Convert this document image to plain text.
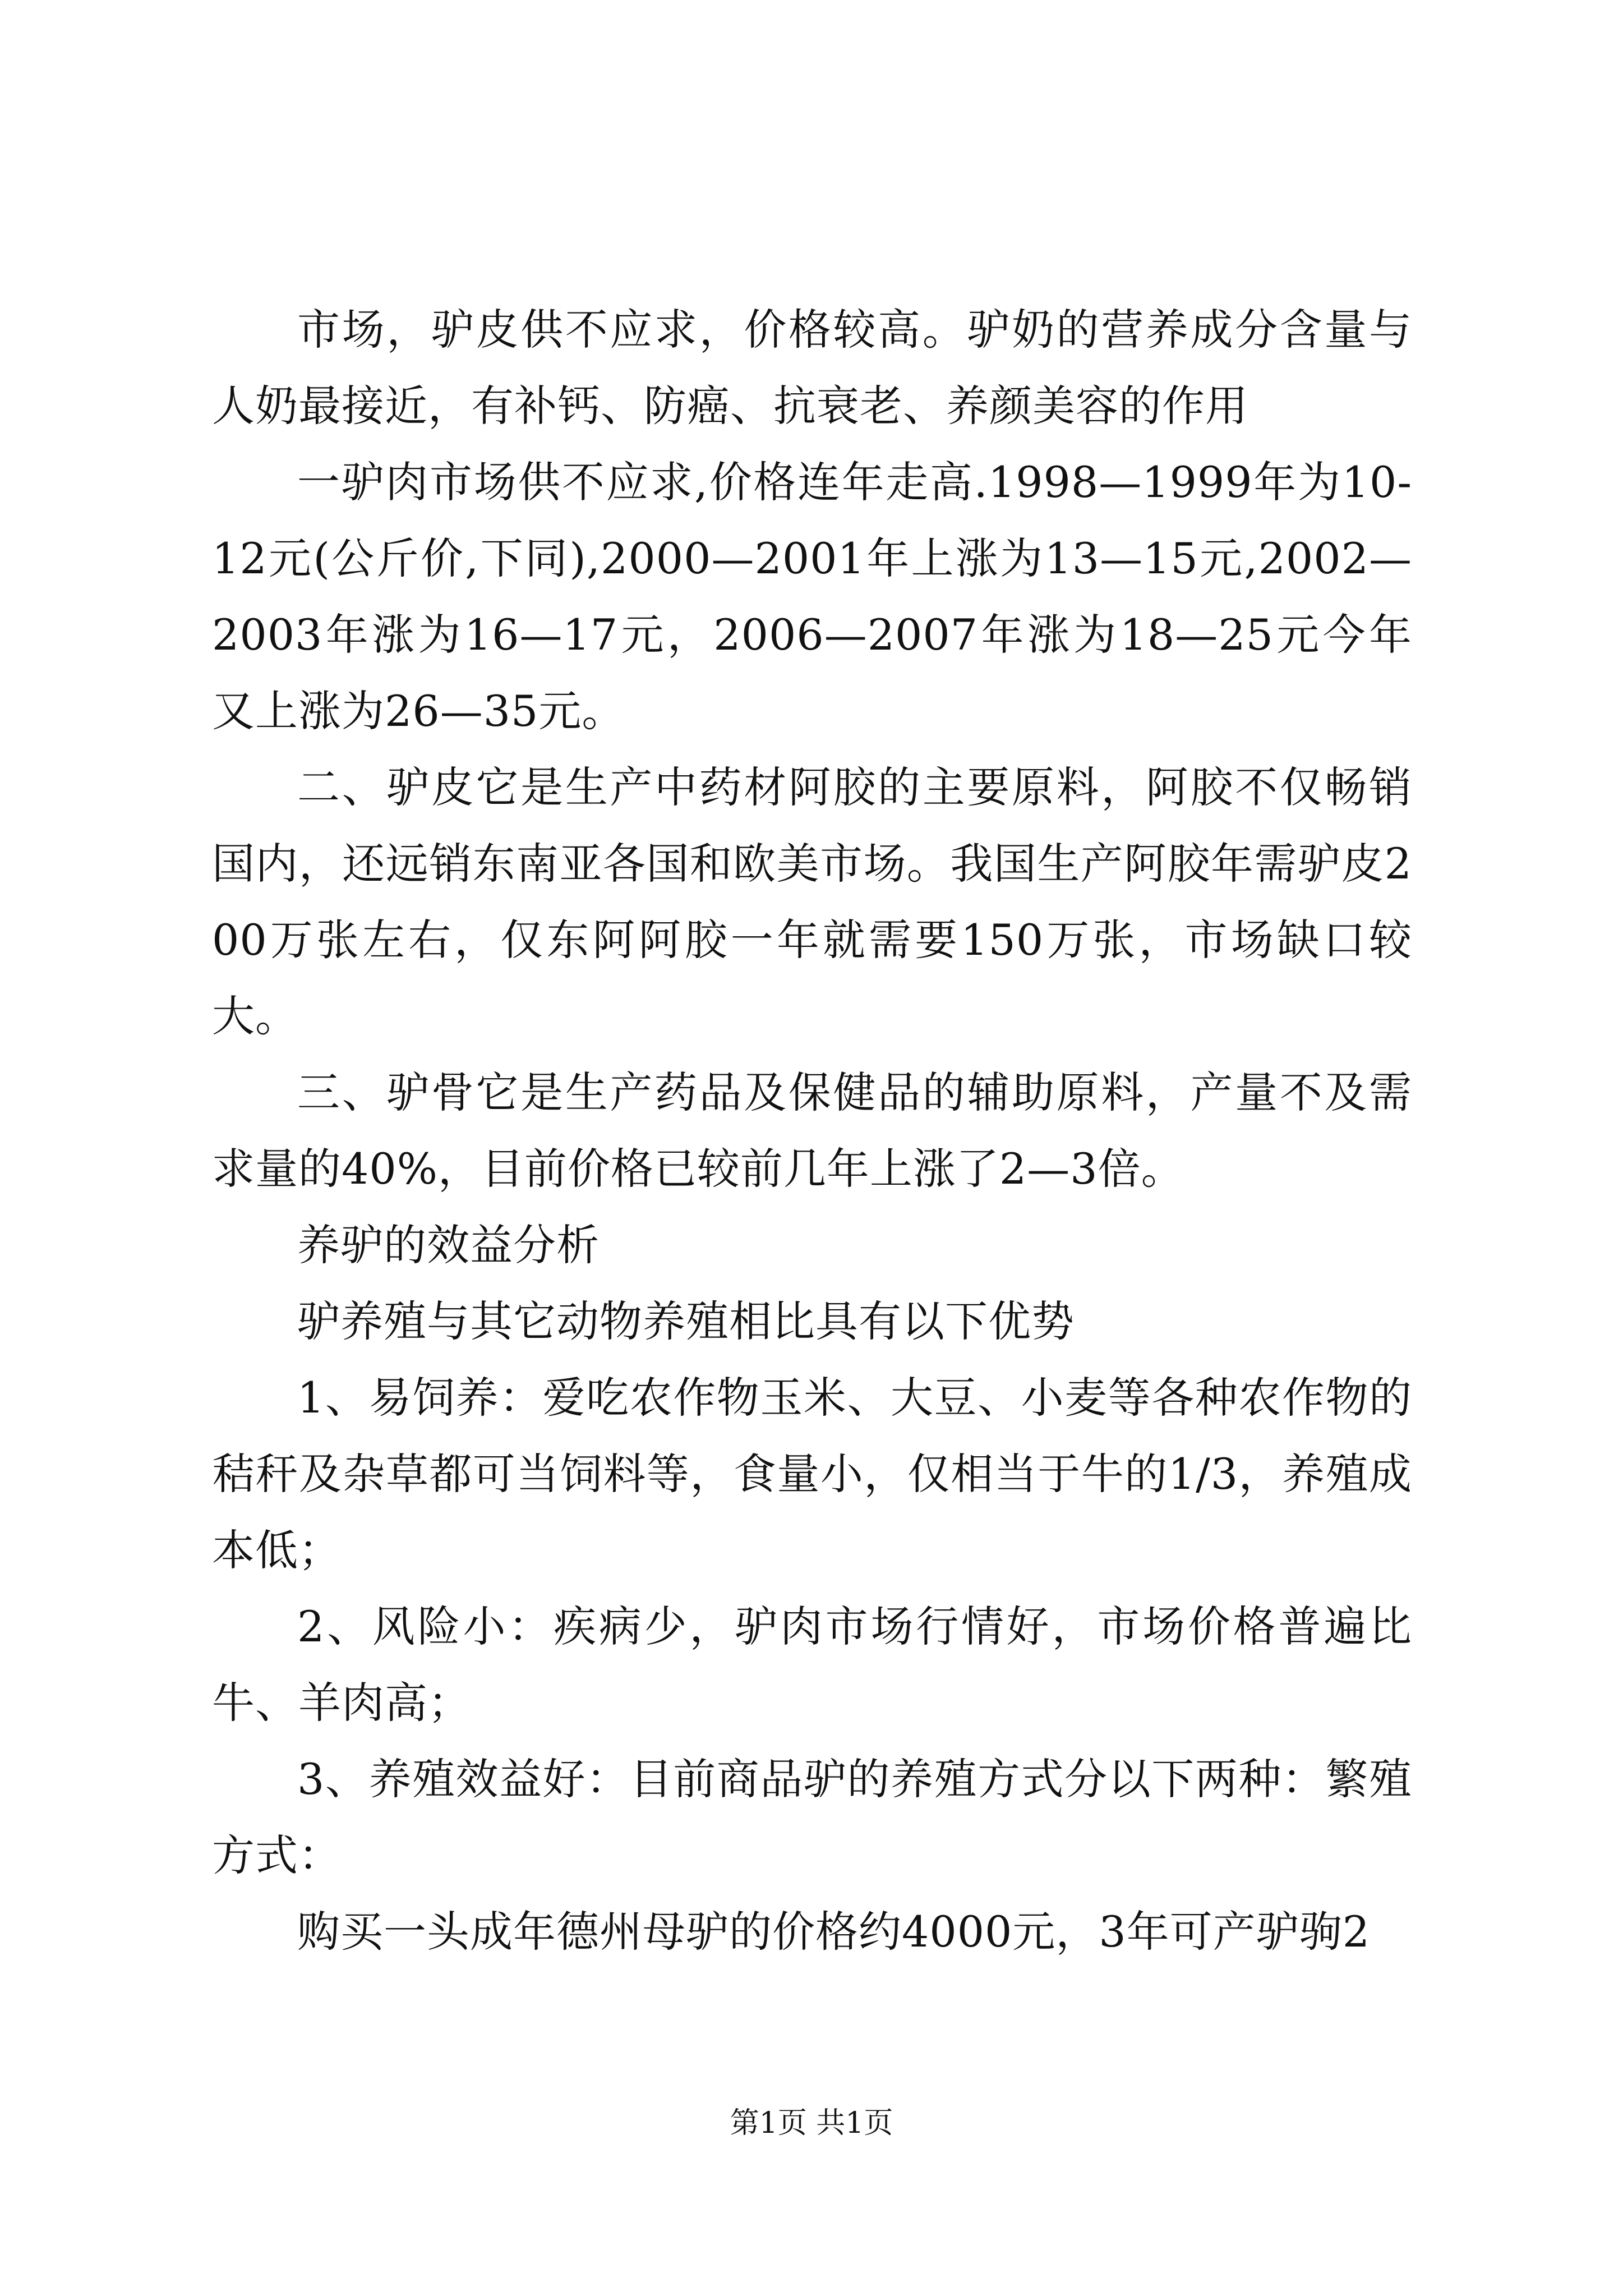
市场，驴皮供不应求，价格较高。驴奶的营养成分含量与人奶最接近，有补钙、防癌、抗衰老、养颜美容的作用

一驴肉市场供不应求,价格连年走高.1998—1999年为10-12元(公斤价,下同),2000—2001年上涨为13—15元,2002—2003年涨为16—17元，2006—2007年涨为18—25元今年又上涨为26—35元。

二、驴皮它是生产中药材阿胶的主要原料，阿胶不仅畅销国内，还远销东南亚各国和欧美市场。我国生产阿胶年需驴皮200万张左右，仅东阿阿胶一年就需要150万张，市场缺口较大。

三、驴骨它是生产药品及保健品的辅助原料，产量不及需求量的40%，目前价格已较前几年上涨了2—3倍。

养驴的效益分析

驴养殖与其它动物养殖相比具有以下优势

1、易饲养：爱吃农作物玉米、大豆、小麦等各种农作物的秸秆及杂草都可当饲料等，食量小，仅相当于牛的1/3，养殖成本低；

2、风险小：疾病少，驴肉市场行情好，市场价格普遍比牛、羊肉高；

3、养殖效益好：目前商品驴的养殖方式分以下两种：繁殖方式：

购买一头成年德州母驴的价格约4000元，3年可产驴驹2

第1页 共1页
